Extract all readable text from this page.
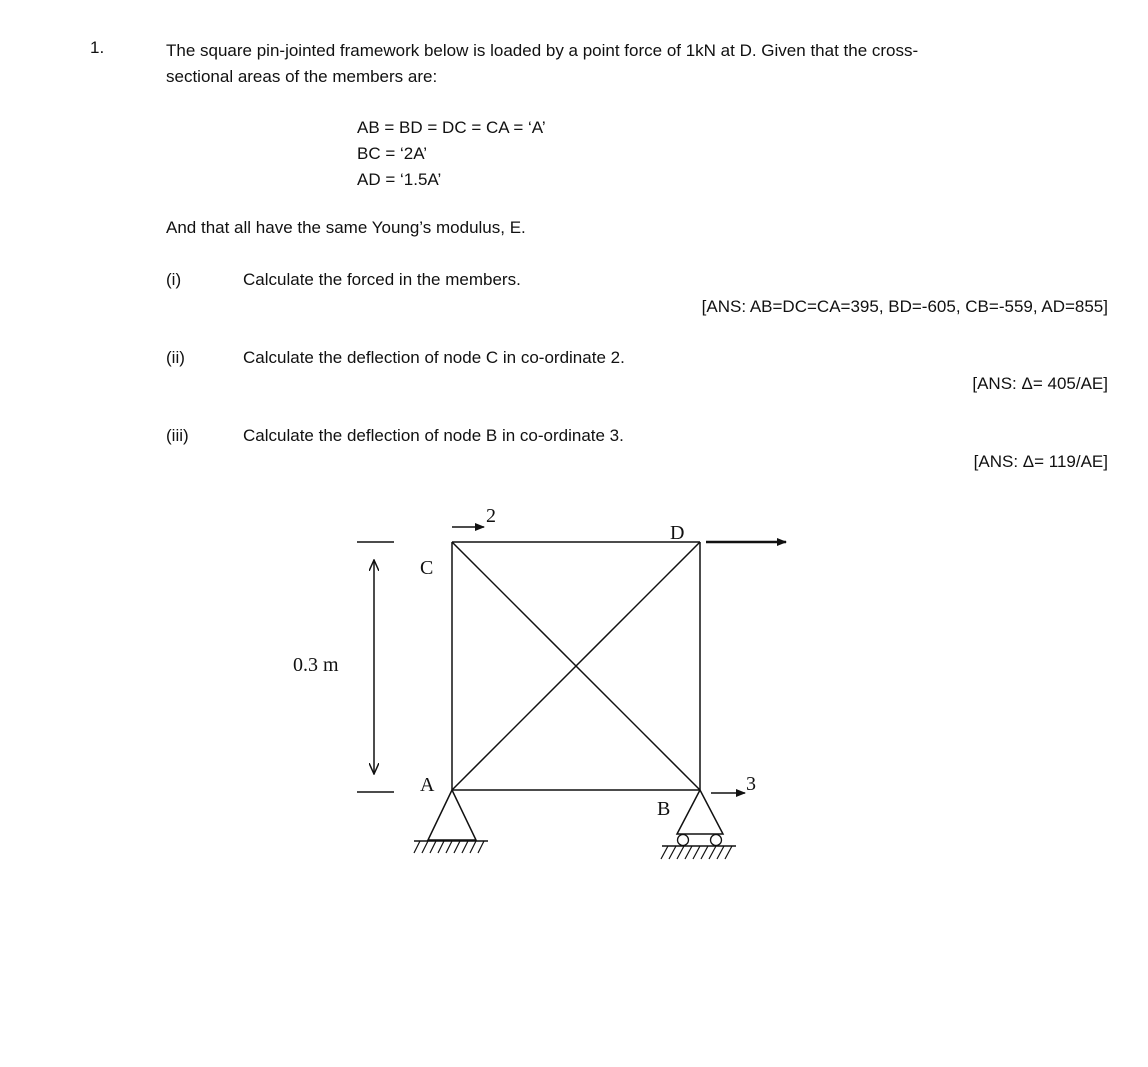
1.	The square pin-jointed framework below is loaded by a point force of 1kN at D. Given that the cross-
sectional areas of the members are:
AB = BD = DC = CA = ‘A’
BC = ‘2A’
AD = ‘1.5A’
And that all have the same Young’s modulus, E.
(i)	Calculate the forced in the members.
[ANS: AB=DC=CA=395, BD=-605, CB=-559, AD=855]
(ii)	Calculate the deflection of node C in co-ordinate 2.
[ANS: Δ= 405/AE]
(iii)	Calculate the deflection of node B in co-ordinate 3.
[ANS: Δ= 119/AE]
2
3
C
D
A
B
0.3 m
